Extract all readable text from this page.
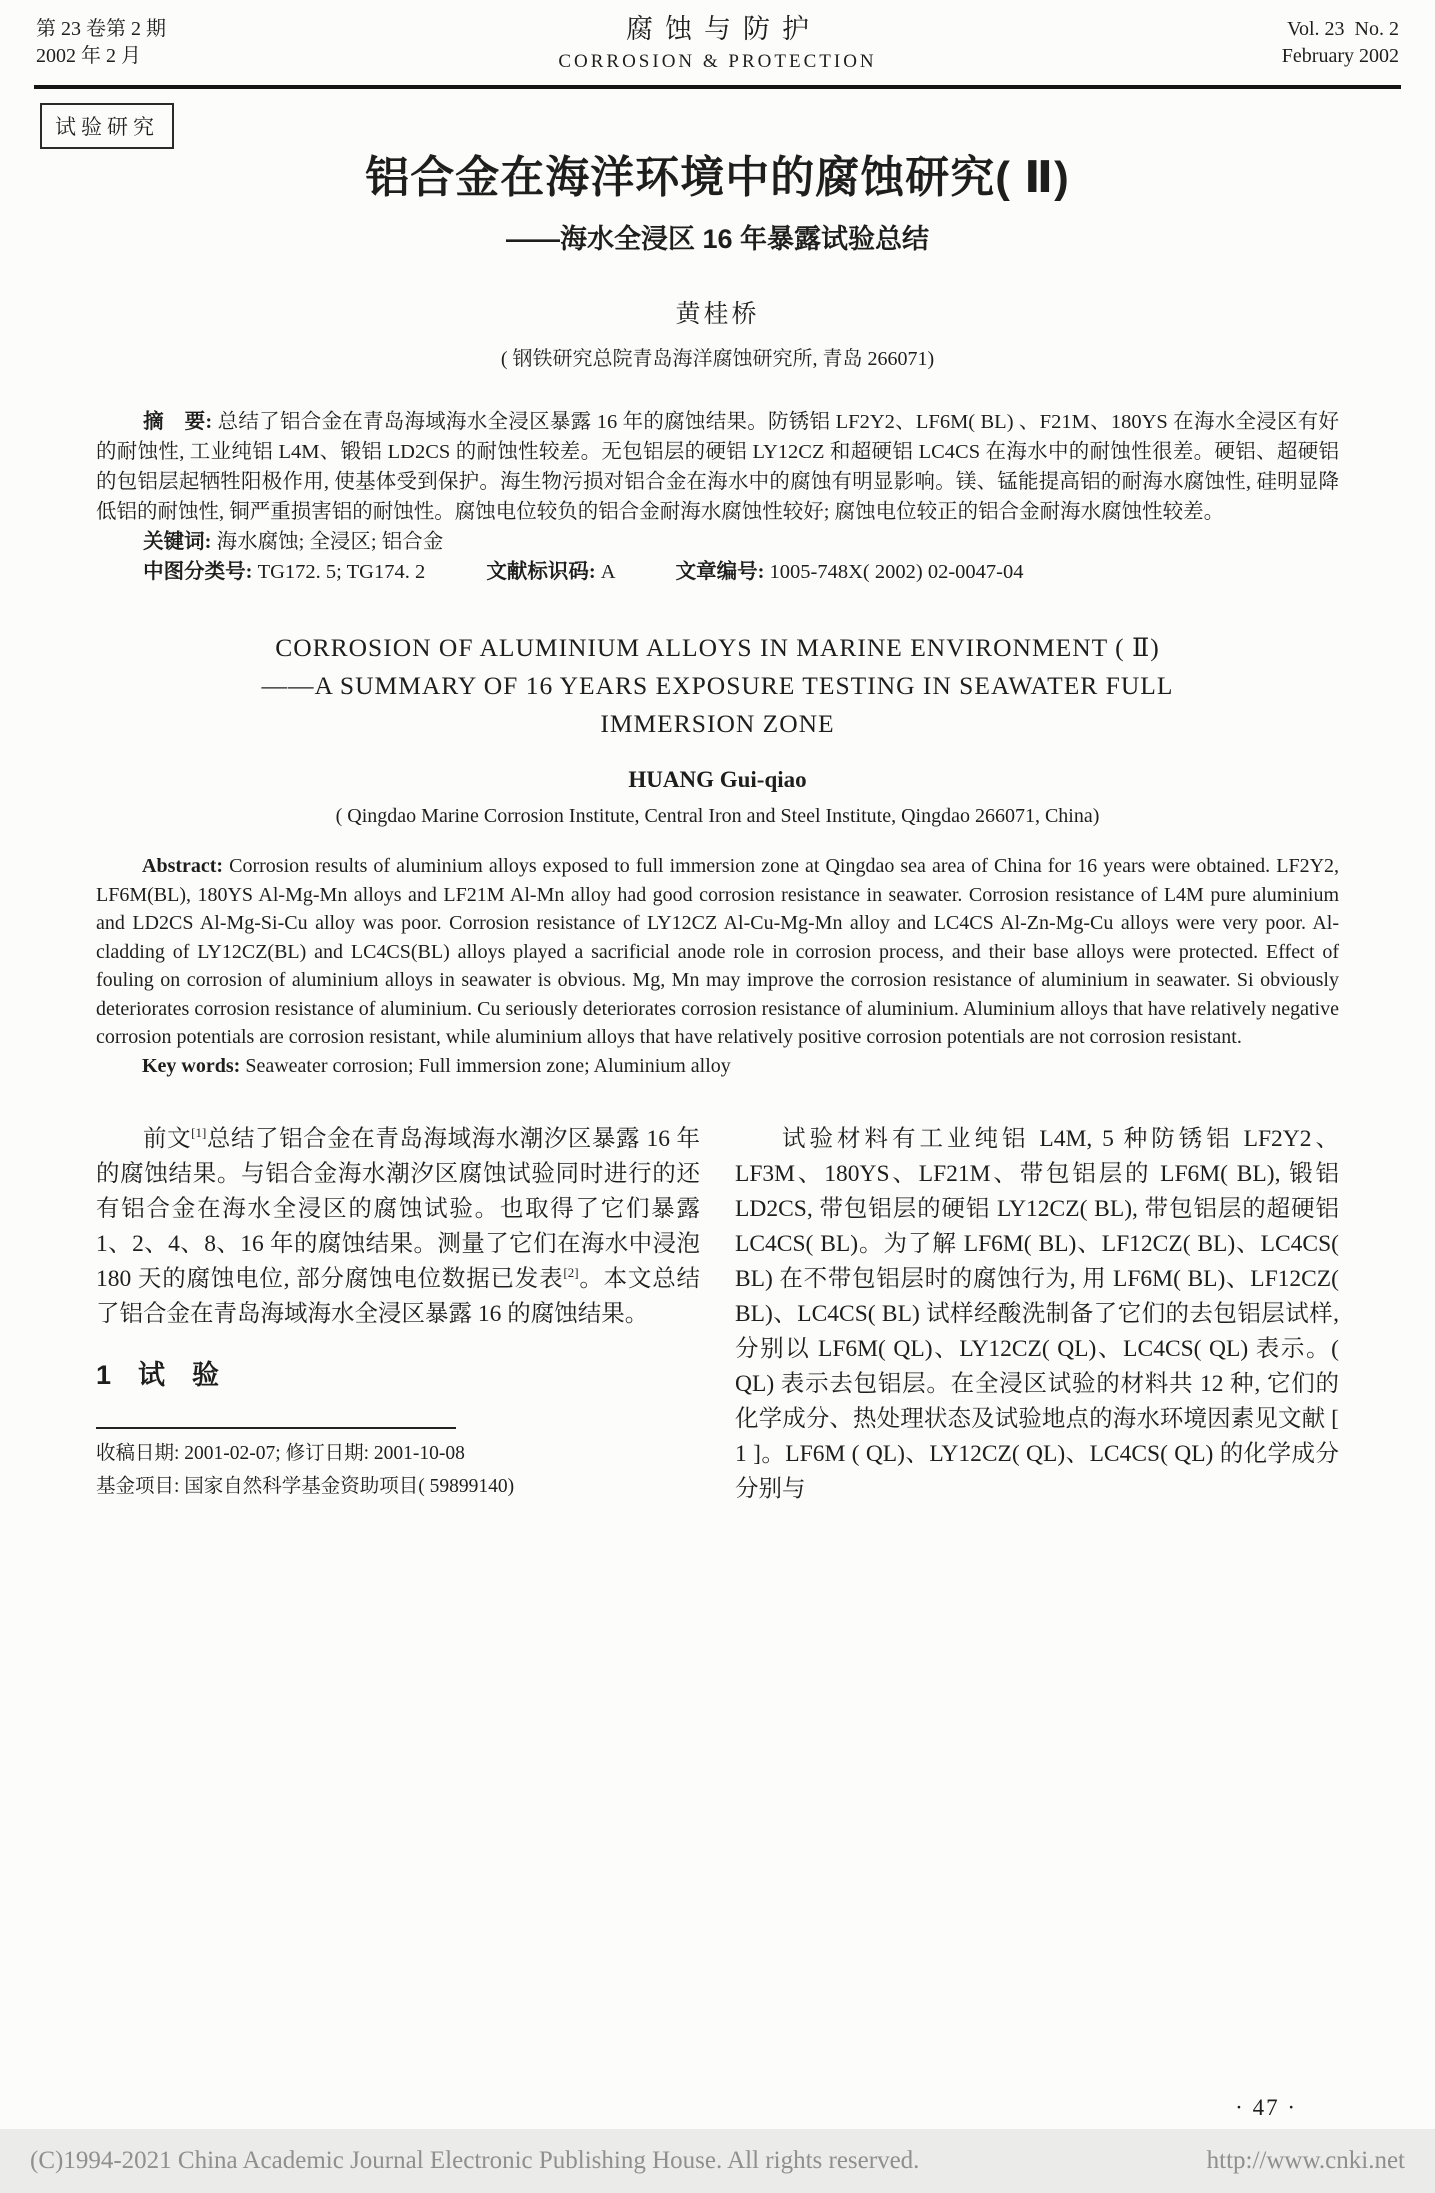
第 23 卷第 2 期
2002 年 2 月
腐蚀与防护
CORROSION & PROTECTION
Vol. 23  No. 2
February 2002
试验研究
铝合金在海洋环境中的腐蚀研究( Ⅱ)
——海水全浸区 16 年暴露试验总结
黄桂桥
( 钢铁研究总院青岛海洋腐蚀研究所, 青岛 266071)

摘　要: 总结了铝合金在青岛海域海水全浸区暴露 16 年的腐蚀结果。防锈铝 LF2Y2、LF6M( BL) 、F21M、180YS 在海水全浸区有好的耐蚀性, 工业纯铝 L4M、锻铝 LD2CS 的耐蚀性较差。无包铝层的硬铝 LY12CZ 和超硬铝 LC4CS 在海水中的耐蚀性很差。硬铝、超硬铝的包铝层起牺牲阳极作用, 使基体受到保护。海生物污损对铝合金在海水中的腐蚀有明显影响。镁、锰能提高铝的耐海水腐蚀性, 硅明显降低铝的耐蚀性, 铜严重损害铝的耐蚀性。腐蚀电位较负的铝合金耐海水腐蚀性较好; 腐蚀电位较正的铝合金耐海水腐蚀性较差。

关键词: 海水腐蚀; 全浸区; 铝合金

中图分类号: TG172. 5; TG174. 2	文献标识码: A	文章编号: 1005-748X( 2002) 02-0047-04

CORROSION OF ALUMINIUM ALLOYS IN MARINE ENVIRONMENT ( Ⅱ)
——A SUMMARY OF 16 YEARS EXPOSURE TESTING IN SEAWATER FULL
IMMERSION ZONE
HUANG Gui-qiao
( Qingdao Marine Corrosion Institute, Central Iron and Steel Institute, Qingdao 266071, China)

Abstract: Corrosion results of aluminium alloys exposed to full immersion zone at Qingdao sea area of China for 16 years were obtained. LF2Y2, LF6M(BL), 180YS Al-Mg-Mn alloys and LF21M Al-Mn alloy had good corrosion resistance in seawater. Corrosion resistance of L4M pure aluminium and LD2CS Al-Mg-Si-Cu alloy was poor. Corrosion resistance of LY12CZ Al-Cu-Mg-Mn alloy and LC4CS Al-Zn-Mg-Cu alloys were very poor. Al-cladding of LY12CZ(BL) and LC4CS(BL) alloys played a sacrificial anode role in corrosion process, and their base alloys were protected. Effect of fouling on corrosion of aluminium alloys in seawater is obvious. Mg, Mn may improve the corrosion resistance of aluminium in seawater. Si obviously deteriorates corrosion resistance of aluminium. Cu seriously deteriorates corrosion resistance of aluminium. Aluminium alloys that have relatively negative corrosion potentials are corrosion resistant, while aluminium alloys that have relatively positive corrosion potentials are not corrosion resistant.

Key words: Seaweater corrosion; Full immersion zone; Aluminium alloy

前文[1]总结了铝合金在青岛海域海水潮汐区暴露 16 年的腐蚀结果。与铝合金海水潮汐区腐蚀试验同时进行的还有铝合金在海水全浸区的腐蚀试验。也取得了它们暴露 1、2、4、8、16 年的腐蚀结果。测量了它们在海水中浸泡 180 天的腐蚀电位, 部分腐蚀电位数据已发表[2]。本文总结了铝合金在青岛海域海水全浸区暴露 16 的腐蚀结果。

1　试　验

收稿日期: 2001-02-07; 修订日期: 2001-10-08

基金项目: 国家自然科学基金资助项目( 59899140)

试验材料有工业纯铝 L4M, 5 种防锈铝 LF2Y2、LF3M、180YS、LF21M、带包铝层的 LF6M( BL), 锻铝 LD2CS, 带包铝层的硬铝 LY12CZ( BL), 带包铝层的超硬铝 LC4CS( BL)。为了解 LF6M( BL)、LF12CZ( BL)、LC4CS( BL) 在不带包铝层时的腐蚀行为, 用 LF6M( BL)、LF12CZ( BL)、LC4CS( BL) 试样经酸洗制备了它们的去包铝层试样, 分别以 LF6M( QL)、LY12CZ( QL)、LC4CS( QL) 表示。( QL) 表示去包铝层。在全浸区试验的材料共 12 种, 它们的化学成分、热处理状态及试验地点的海水环境因素见文献 [ 1 ]。LF6M ( QL)、LY12CZ( QL)、LC4CS( QL) 的化学成分分别与

· 47 ·
(C)1994-2021 China Academic Journal Electronic Publishing House. All rights reserved.	http://www.cnki.net
